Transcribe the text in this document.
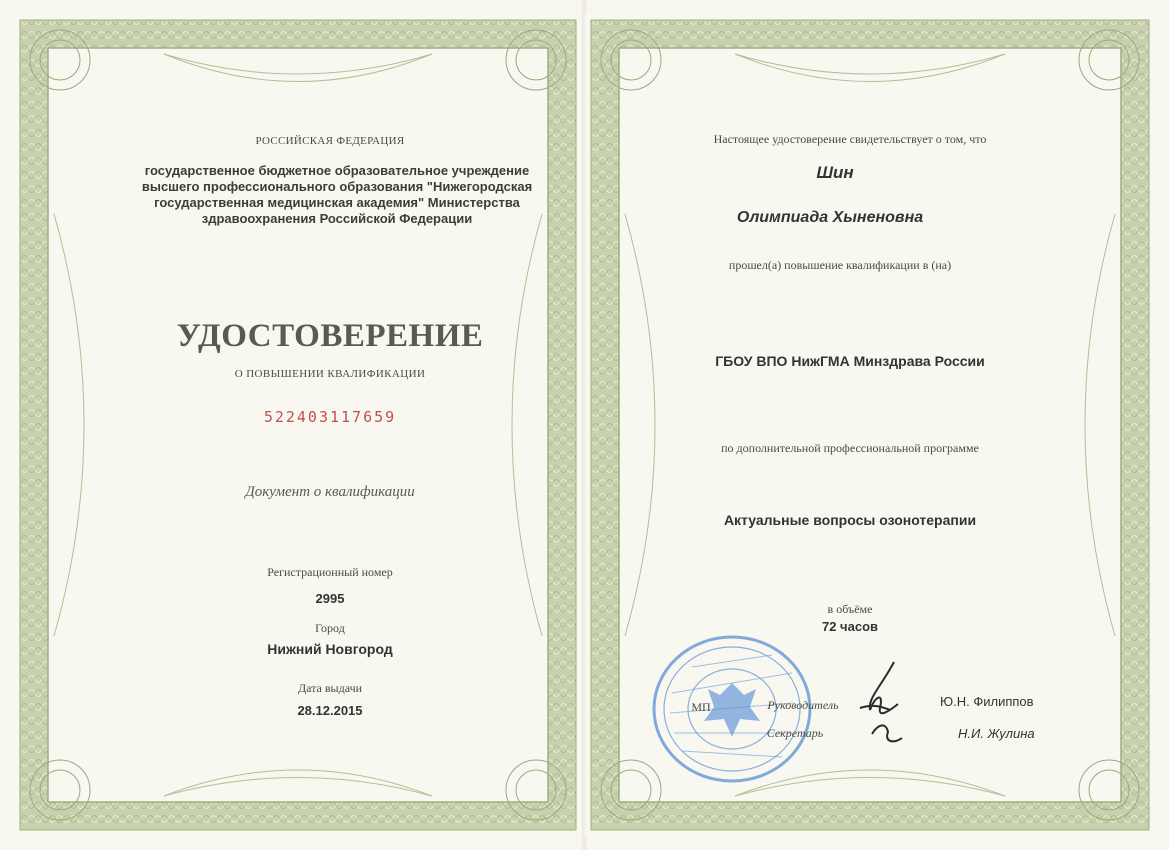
РОССИЙСКАЯ ФЕДЕРАЦИЯ
государственное бюджетное образовательное учреждение
высшего профессионального образования "Нижегородская
государственная медицинская академия" Министерства
здравоохранения Российской Федерации
УДОСТОВЕРЕНИЕ
О ПОВЫШЕНИИ КВАЛИФИКАЦИИ
522403117659
Документ о квалификации
Регистрационный номер
2995
Город
Нижний Новгород
Дата выдачи
28.12.2015
Настоящее удостоверение свидетельствует о том, что
Шин
Олимпиада Хыненовна
прошел(а) повышение квалификации в (на)
ГБОУ ВПО НижГМА Минздрава России
по дополнительной профессиональной программе
Актуальные вопросы озонотерапии
в объёме
72 часов
МП	Руководитель
Секретарь
Ю.Н. Филиппов
Н.И. Жулина
